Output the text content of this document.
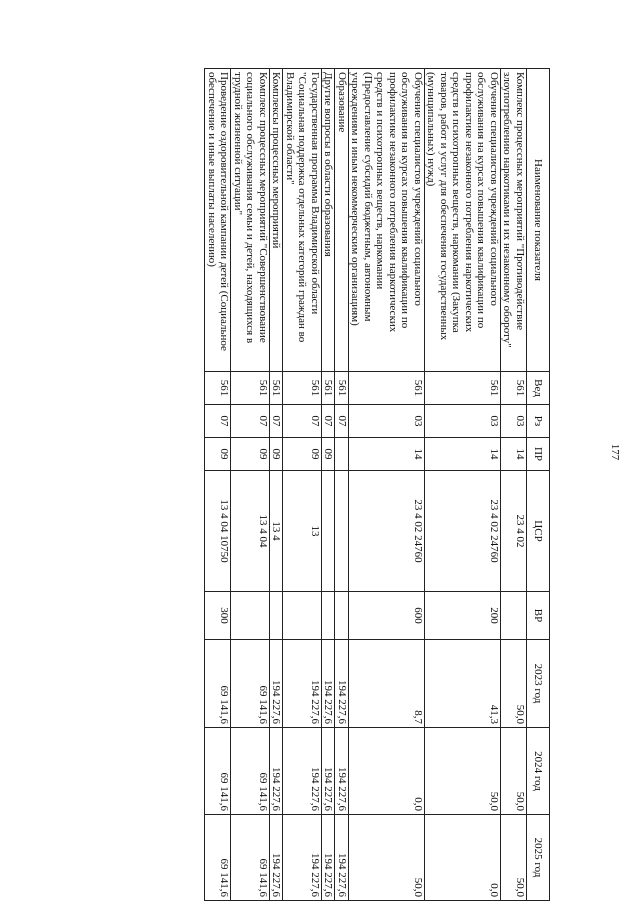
177
Наименование показателя	Вед	Рз	ПР	ЦСР	ВР	2023 год	2024 год	2025 год
Комплекс процессных мероприятий "Противодействие злоупотреблению наркотиками и их незаконному обороту"	561	03	14	23 4 02		50,0	50,0	50,0
Обучение специалистов учреждений социального обслуживания на курсах повышения квалификации по профилактике незаконного потребления наркотических средств и психотропных веществ, наркомании (Закупка товаров, работ и услуг для обеспечения государственных (муниципальных) нужд)	561	03	14	23 4 02 24760	200	41,3	50,0	0,0
Обучение специалистов учреждений социального обслуживания на курсах повышения квалификации по профилактике незаконного потребления наркотических средств и психотропных веществ, наркомании (Предоставление субсидий бюджетным, автономным учреждениям и иным некоммерческим организациям)	561	03	14	23 4 02 24760	600	8,7	0,0	50,0
Образование	561	07				194 227,6	194 227,6	194 227,6
Другие вопросы в области образования	561	07	09			194 227,6	194 227,6	194 227,6
Государственная программа Владимирской области "Социальная поддержка отдельных категорий граждан во Владимирской области"	561	07	09	13		194 227,6	194 227,6	194 227,6
Комплексы процессных мероприятий	561	07	09	13 4		194 227,6	194 227,6	194 227,6
Комплекс процессных мероприятий "Совершенствование социального обслуживания семьи и детей, находящихся в трудной жизненной ситуации"	561	07	09	13 4 04		69 141,6	69 141,6	69 141,6
Проведение оздоровительной кампании детей (Социальное обеспечение и иные выплаты населению)	561	07	09	13 4 04 10750	300	69 141,6	69 141,6	69 141,6
